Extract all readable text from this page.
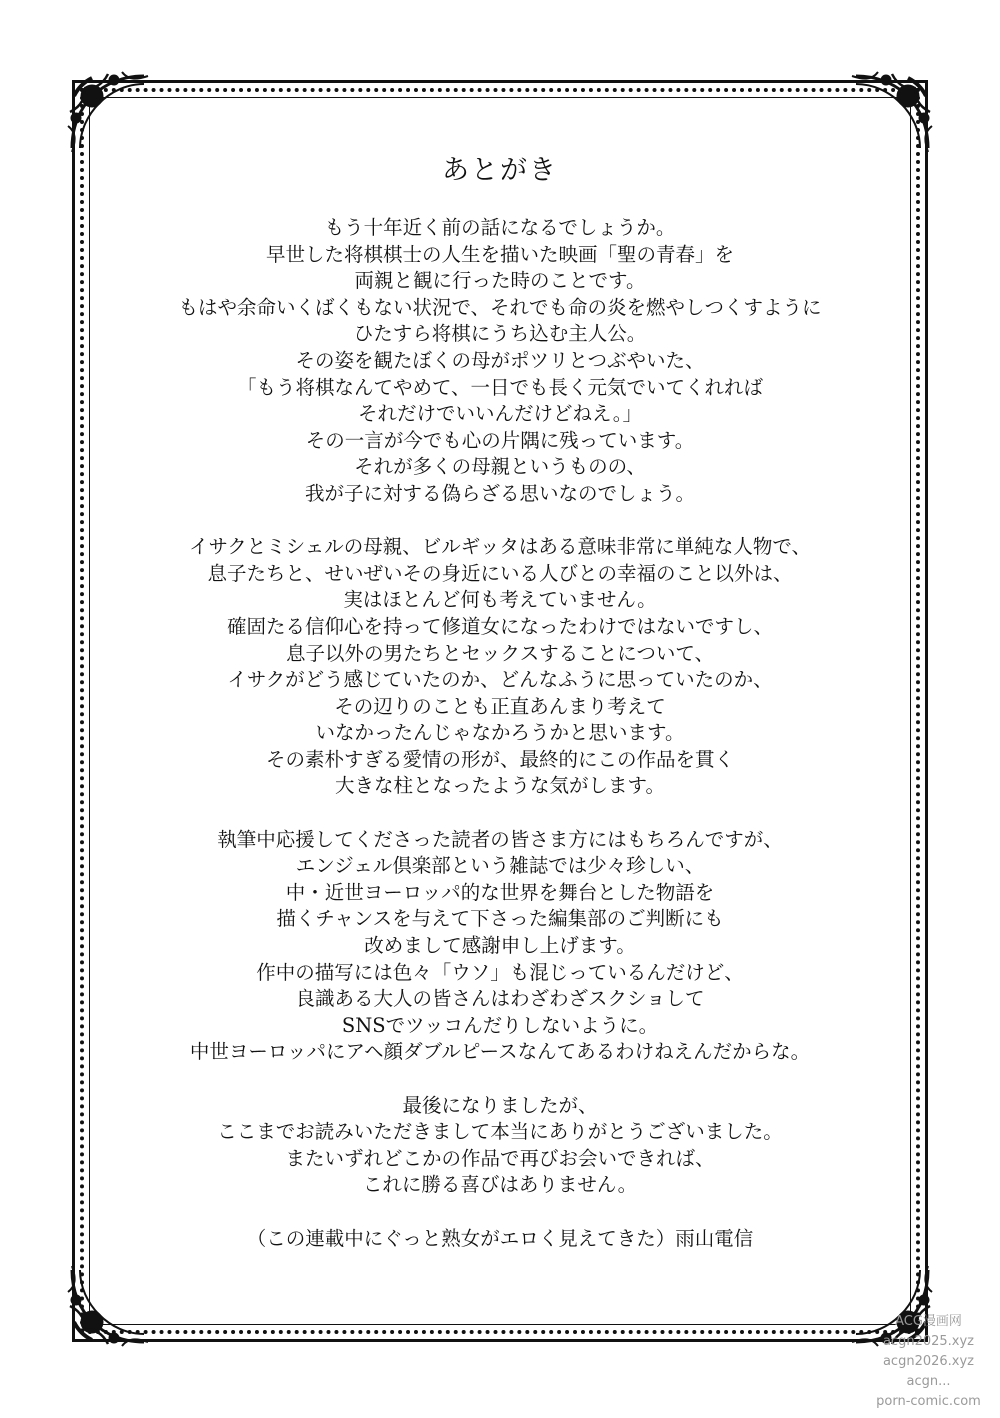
あとがき
もう十年近く前の話になるでしょうか。
早世した将棋棋士の人生を描いた映画「聖の青春」を
両親と観に行った時のことです。
もはや余命いくばくもない状況で、それでも命の炎を燃やしつくすように
ひたすら将棋にうち込む主人公。
その姿を観たぼくの母がポツリとつぶやいた、
「もう将棋なんてやめて、一日でも長く元気でいてくれれば
それだけでいいんだけどねえ。」
その一言が今でも心の片隅に残っています。
それが多くの母親というものの、
我が子に対する偽らざる思いなのでしょう。
イサクとミシェルの母親、ビルギッタはある意味非常に単純な人物で、
息子たちと、せいぜいその身近にいる人びとの幸福のこと以外は、
実はほとんど何も考えていません。
確固たる信仰心を持って修道女になったわけではないですし、
息子以外の男たちとセックスすることについて、
イサクがどう感じていたのか、どんなふうに思っていたのか、
その辺りのことも正直あんまり考えて
いなかったんじゃなかろうかと思います。
その素朴すぎる愛情の形が、最終的にこの作品を貫く
大きな柱となったような気がします。
執筆中応援してくださった読者の皆さま方にはもちろんですが、
エンジェル倶楽部という雑誌では少々珍しい、
中・近世ヨーロッパ的な世界を舞台とした物語を
描くチャンスを与えて下さった編集部のご判断にも
改めまして感謝申し上げます。
作中の描写には色々「ウソ」も混じっているんだけど、
良識ある大人の皆さんはわざわざスクショして
SNSでツッコんだりしないように。
中世ヨーロッパにアヘ顔ダブルピースなんてあるわけねえんだからな。
最後になりましたが、
ここまでお読みいただきまして本当にありがとうございました。
またいずれどこかの作品で再びお会いできれば、
これに勝る喜びはありません。
（この連載中にぐっと熟女がエロく見えてきた）雨山電信
ACG漫画网
acgn2025.xyz
acgn2026.xyz
acgn...
porn-comic.com
